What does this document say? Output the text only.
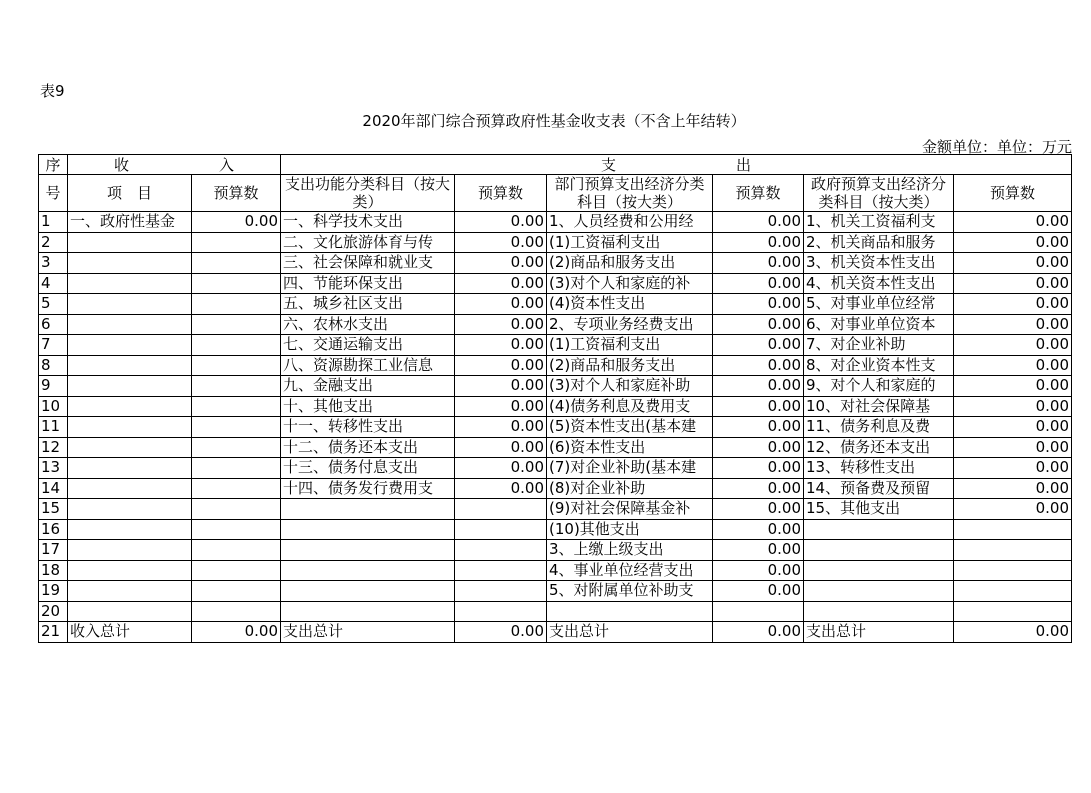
表9
2020年部门综合预算政府性基金收支表（不含上年结转）
金额单位：单位：万元
序	收 入		支 出					
号	项　目	预算数	支出功能分类科目（按大类）	预算数	部门预算支出经济分类科目（按大类）	预算数	政府预算支出经济分类科目（按大类）	预算数
1	一、政府性基金	0.00	一、科学技术支出	0.00	1、人员经费和公用经	0.00	1、机关工资福利支	0.00
2			二、文化旅游体育与传	0.00	(1)工资福利支出	0.00	2、机关商品和服务	0.00
3			三、社会保障和就业支	0.00	(2)商品和服务支出	0.00	3、机关资本性支出	0.00
4			四、节能环保支出	0.00	(3)对个人和家庭的补	0.00	4、机关资本性支出	0.00
5			五、城乡社区支出	0.00	(4)资本性支出	0.00	5、对事业单位经常	0.00
6			六、农林水支出	0.00	2、专项业务经费支出	0.00	6、对事业单位资本	0.00
7			七、交通运输支出	0.00	(1)工资福利支出	0.00	7、对企业补助	0.00
8			八、资源勘探工业信息	0.00	(2)商品和服务支出	0.00	8、对企业资本性支	0.00
9			九、金融支出	0.00	(3)对个人和家庭补助	0.00	9、对个人和家庭的	0.00
10			十、其他支出	0.00	(4)债务利息及费用支	0.00	10、对社会保障基	0.00
11			十一、转移性支出	0.00	(5)资本性支出(基本建	0.00	11、债务利息及费	0.00
12			十二、债务还本支出	0.00	(6)资本性支出	0.00	12、债务还本支出	0.00
13			十三、债务付息支出	0.00	(7)对企业补助(基本建	0.00	13、转移性支出	0.00
14			十四、债务发行费用支	0.00	(8)对企业补助	0.00	14、预备费及预留	0.00
15					(9)对社会保障基金补	0.00	15、其他支出	0.00
16					(10)其他支出	0.00		
17					3、上缴上级支出	0.00		
18					4、事业单位经营支出	0.00		
19					5、对附属单位补助支	0.00		
20								
21	收入总计	0.00	支出总计	0.00	支出总计	0.00	支出总计	0.00
